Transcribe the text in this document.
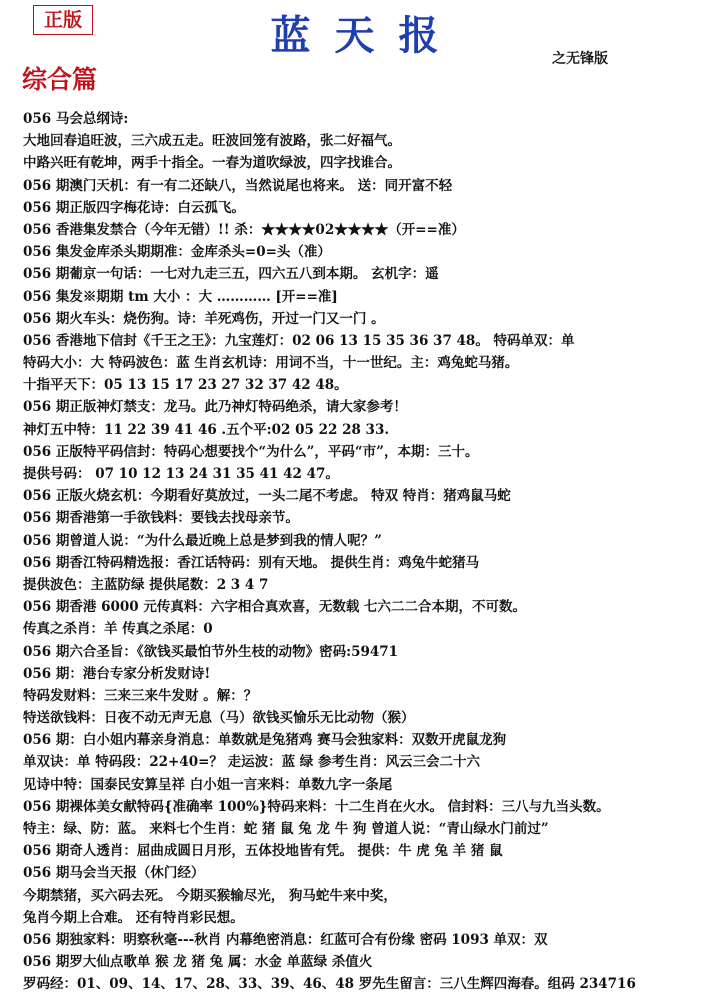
正版	蓝天报	之无锋版
综合篇
056 马会总纲诗:
大地回春追旺波，三六成五走。旺波回笼有波路，张二好福气。
中路兴旺有乾坤，两手十指全。一春为道吹绿波，四字找谁合。
056 期澳门天机：有一有二还缺八，当然说尾也将来。 送：同开富不轻
056 期正版四字梅花诗：白云孤飞。
056 香港集发禁合（今年无错）!! 杀：★★★★02★★★★（开==准）
056 集发金库杀头期期准：金库杀头=0=头（准）
056 期葡京一句话：一七对九走三五，四六五八到本期。 玄机字：遥
056 集发※期期 tm 大小 ：大 ………… [开==准]
056 期火车头：烧伤狗。诗：羊死鸡伤，开过一门又一门 。
056 香港地下信封《千王之王》：九宝莲灯：02 06 13 15 35 36 37 48。 特码单双：单
特码大小：大 特码波色：蓝 生肖玄机诗：用词不当，十一世纪。主：鸡兔蛇马猪。
十指平天下：05 13 15 17 23 27 32 37 42 48。
056 期正版神灯禁支：龙马。此乃神灯特码绝杀，请大家参考！
神灯五中特：11 22 39 41 46 .五个平:02 05 22 28 33.
056 正版特平码信封：特码心想要找个“为什么”，平码“市”，本期：三十。
提供号码： 07 10 12 13 24 31 35 41 42 47。
056 正版火烧玄机：今期看好莫放过，一头二尾不考虑。 特双 特肖：猪鸡鼠马蛇
056 期香港第一手欲钱料：要钱去找母亲节。
056 期曾道人说：“为什么最近晚上总是梦到我的情人呢？”
056 期香江特码精选报：香江话特码：别有天地。 提供生肖：鸡兔牛蛇猪马
提供波色：主蓝防绿 提供尾数：2 3 4 7
056 期香港 6000 元传真料：六字相合真欢喜，无数载 七六二二合本期，不可数。
传真之杀肖：羊 传真之杀尾：0
056 期六合圣旨：《欲钱买最怕节外生枝的动物》密码:59471
056 期：港台专家分析发财诗!
特码发财料：三来三来牛发财 。解：？
特送欲钱料：日夜不动无声无息（马）欲钱买愉乐无比动物（猴）
056 期：白小姐内幕亲身消息：单数就是兔猪鸡 赛马会独家料：双数开虎鼠龙狗
单双诀：单 特码段：22+40=？ 走运波：蓝 绿 参考生肖：风云三会二十六
见诗中特：国泰民安算呈祥 白小姐一言来料：单数九字一条尾
056 期裸体美女献特码{准确率 100%}特码来料：十二生肖在火水。 信封料：三八与九当头数。
特主：绿、防：蓝。 来料七个生肖：蛇 猪 鼠 兔 龙 牛 狗 曾道人说：“青山绿水门前过”
056 期奇人透肖：屈曲成圆日月形，五体投地皆有凭。 提供：牛 虎 兔 羊 猪 鼠
056 期马会当天报（休门经）
今期禁猪，买六码去死。 今期买猴输尽光， 狗马蛇牛来中奖，
兔肖今期上合难。 还有特肖彩民想。
056 期独家料：明察秋毫---秋肖 内幕绝密消息：红蓝可合有份缘 密码 1093 单双：双
056 期罗大仙点歌单 猴 龙 猪 兔 属：水金 单蓝绿 杀值火
罗码经：01、09、14、17、28、33、39、46、48 罗先生留言：三八生辉四海春。组码 234716
